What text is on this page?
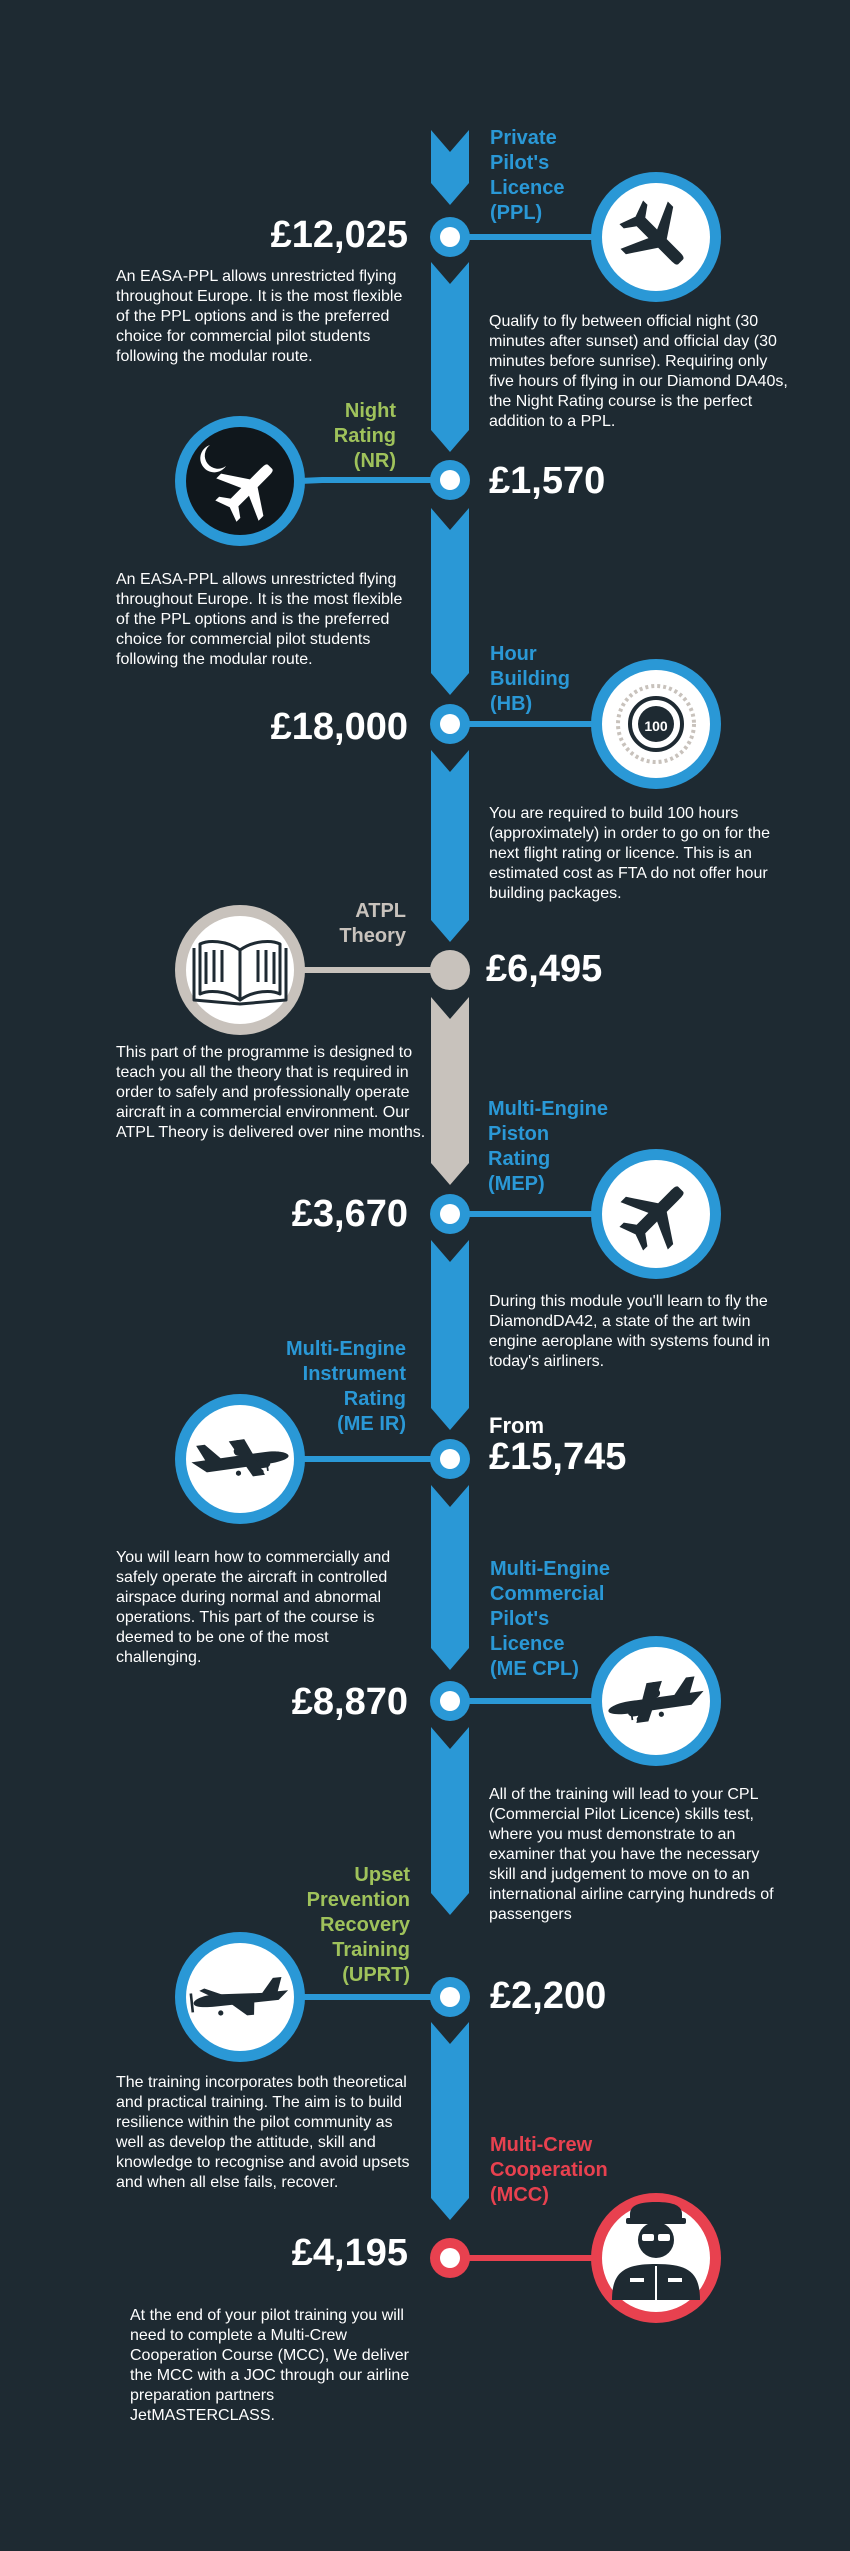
100

Private
Pilot's
Licence
(PPL)

£12,025

An EASA-PPL allows unrestricted flying throughout Europe. It is the most flexible of the PPL options and is the preferred choice for commercial pilot students following the modular route.

Night
Rating
(NR)

Qualify to fly between official night (30 minutes after sunset) and official day (30 minutes before sunrise). Requiring only five hours of flying in our Diamond DA40s, the Night Rating course is the perfect addition to a PPL.

£1,570

An EASA-PPL allows unrestricted flying throughout Europe. It is the most flexible of the PPL options and is the preferred choice for commercial pilot students following the modular route.	Hour
Building
(HB)

£18,000

You are required to build 100 hours (approximately) in order to go on for the next flight rating or licence. This is an estimated cost as FTA do not offer hour building packages.

ATPL
Theory

£6,495

This part of the programme is designed to teach you all the theory that is required in order to safely and professionally operate aircraft in a commercial environment. Our ATPL Theory is delivered over nine months.

Multi-Engine
Piston
Rating
(MEP)

£3,670

During this module you'll learn to fly the DiamondDA42, a state of the art twin engine aeroplane with systems found in today's airliners.

Multi-Engine
Instrument
Rating
(ME IR)	From

£15,745

You will learn how to commercially and safely operate the aircraft in controlled airspace during normal and abnormal operations. This part of the course is deemed to be one of the most challenging.

Multi-Engine
Commercial
Pilot's
Licence
(ME CPL)

£8,870

All of the training will lead to your CPL (Commercial Pilot Licence) skills test, where you must demonstrate to an examiner that you have the necessary skill and judgement to move on to an international airline carrying hundreds of passengers

Upset
Prevention
Recovery
Training
(UPRT) £2,200

The training incorporates both theoretical and practical training. The aim is to build resilience within the pilot community as well as develop the attitude, skill and knowledge to recognise and avoid upsets and when all else fails, recover.

Multi-Crew
Cooperation
(MCC)

£4,195

At the end of your pilot training you will need to complete a Multi-Crew Cooperation Course (MCC), We deliver the MCC with a JOC through our airline preparation partners JetMASTERCLASS.
